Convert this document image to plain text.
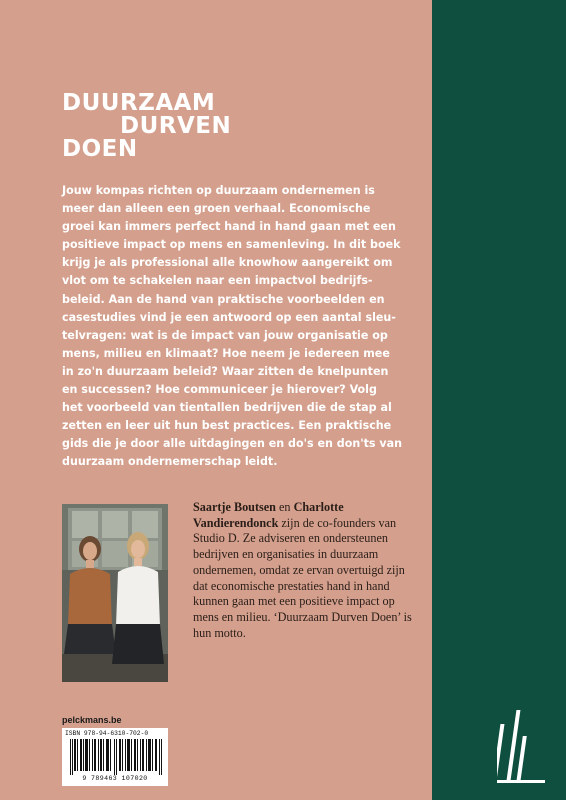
DUURZAAM
DURVEN
DOEN
Jouw kompas richten op duurzaam ondernemen is
meer dan alleen een groen verhaal. Economische
groei kan immers perfect hand in hand gaan met een
positieve impact op mens en samenleving. In dit boek
krijg je als professional alle knowhow aangereikt om
vlot om te schakelen naar een impactvol bedrijfs-
beleid. Aan de hand van praktische voorbeelden en
casestudies vind je een antwoord op een aantal sleu-
telvragen: wat is de impact van jouw organisatie op
mens, milieu en klimaat? Hoe neem je iedereen mee
in zo'n duurzaam beleid? Waar zitten de knelpunten
en successen? Hoe communiceer je hierover? Volg
het voorbeeld van tientallen bedrijven die de stap al
zetten en leer uit hun best practices. Een praktische
gids die je door alle uitdagingen en do's en don'ts van
duurzaam ondernemerschap leidt.

Saartje Boutsen en Charlotte Vandierendonck zijn de co-founders van Studio D. Ze adviseren en ondersteunen bedrijven en organisaties in duurzaam ondernemen, omdat ze ervan overtuigd zijn dat economische prestaties hand in hand kunnen gaan met een positieve impact op mens en milieu. ‘Duurzaam Durven Doen’ is hun motto.

pelckmans.be
ISBN 978-94-6310-702-0
9 789463 107020
